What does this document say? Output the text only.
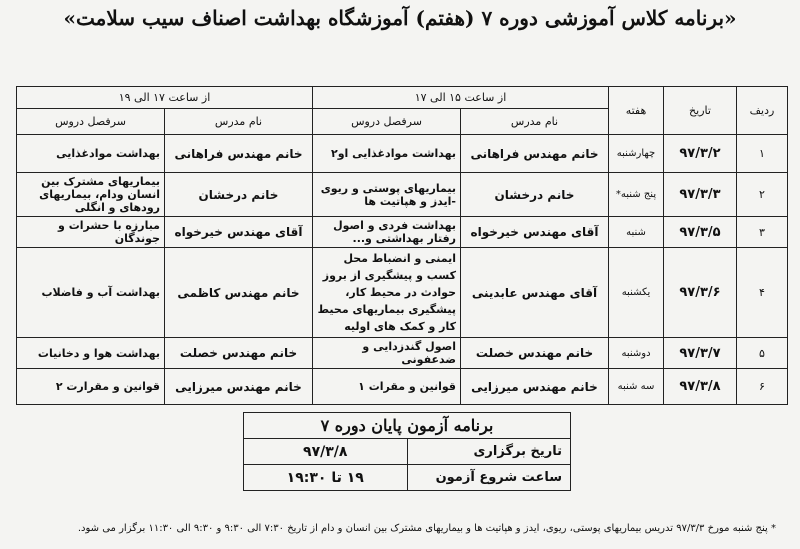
«برنامه کلاس آموزشی دوره ۷ (هفتم) آموزشگاه بهداشت اصناف سیب سلامت»
ردیف	تاریخ	هفته	از ساعت ۱۵ الی ۱۷		از ساعت ۱۷ الی ۱۹	
			نام مدرس	سرفصل دروس	نام مدرس	سرفصل دروس
۱	۹۷/۳/۲	چهارشنبه	خانم مهندس فراهانی	بهداشت موادغذایی او۲	خانم مهندس فراهانی	بهداشت موادغذایی
۲	۹۷/۳/۳	پنج شنبه*	خانم درخشان	بیماریهای پوستی و ریوی -ایدز و هپاتیت ها	خانم درخشان	بیماریهای مشترک بین انسان ودام، بیماریهای رودهای و انگلی
۳	۹۷/۳/۵	شنبه	آقای مهندس خیرخواه	بهداشت فردی و اصول رفتار بهداشتی و...	آقای مهندس خیرخواه	مبارزه با حشرات و جوندگان
۴	۹۷/۳/۶	یکشنبه	آقای مهندس عابدینی	ایمنی و انضباط محل کسب و پیشگیری از بروز حوادث در محیط کار، پیشگیری بیماریهای محیط کار و کمک های اولیه	خانم مهندس کاظمی	بهداشت آب و فاضلاب
۵	۹۷/۳/۷	دوشنبه	خانم مهندس خصلت	اصول گندزدایی و ضدعفونی	خانم مهندس خصلت	بهداشت هوا و دخانیات
۶	۹۷/۳/۸	سه شنبه	خانم مهندس میرزایی	قوانین و مقرات ۱	خانم مهندس میرزایی	قوانین و مقرارت ۲
برنامه آزمون پایان دوره ۷	
تاریخ برگزاری	۹۷/۳/۸
ساعت شروع آزمون	۱۹ تا ۱۹:۳۰
* پنج شنبه مورخ ۹۷/۳/۳ تدریس بیماریهای پوستی، ریوی، ایدز و هپاتیت ها و بیماریهای مشترک بین انسان و دام از تاریخ ۷:۳۰ الی ۹:۳۰ و ۹:۳۰ الی ۱۱:۳۰ برگزار می شود.
